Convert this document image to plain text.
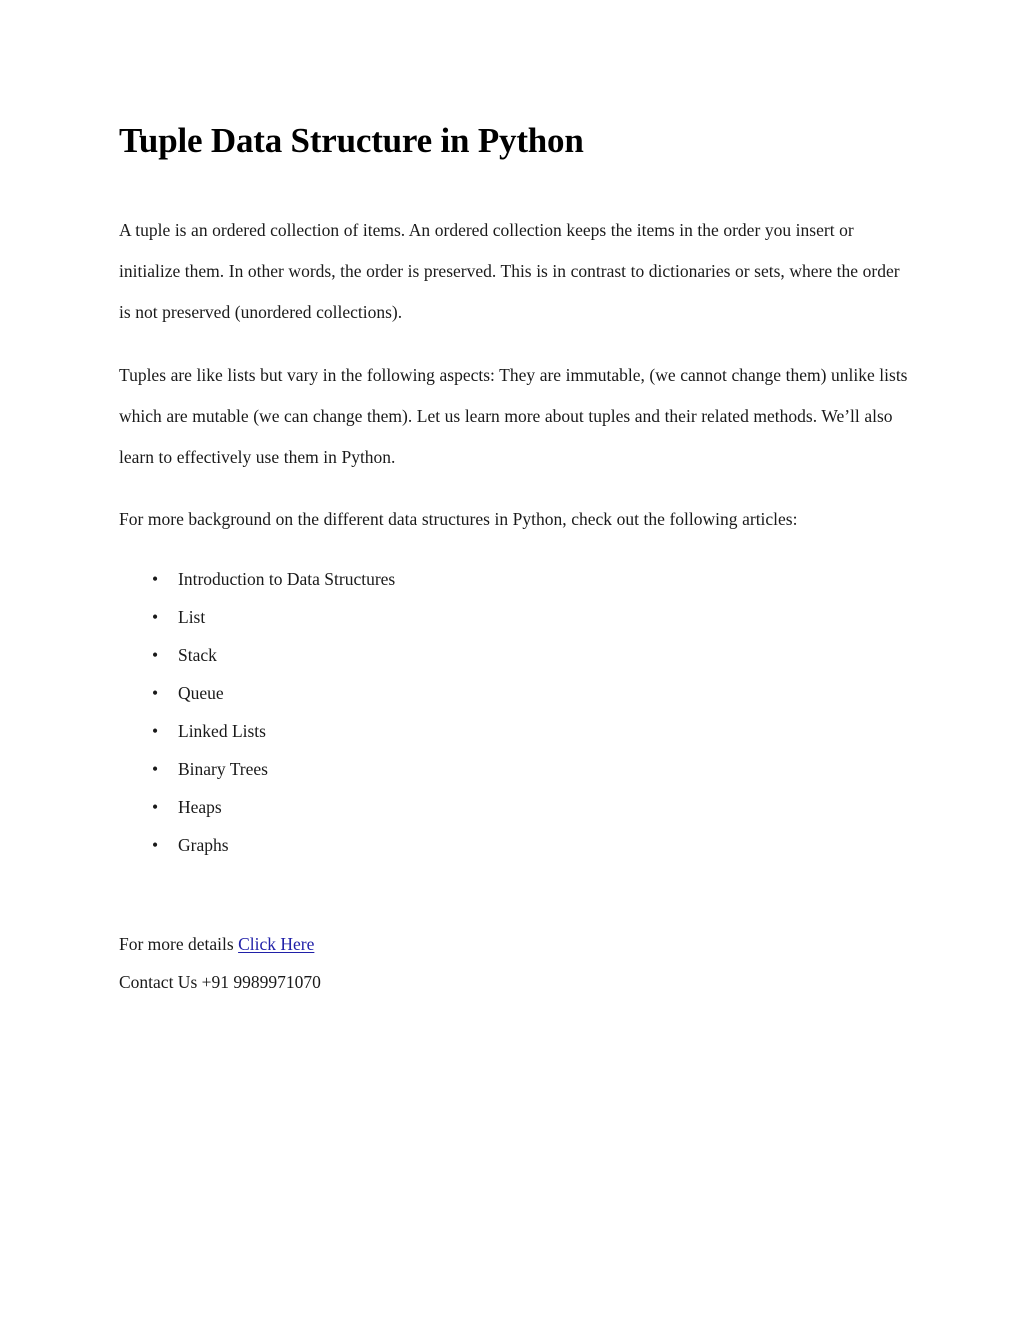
Tuple Data Structure in Python

A tuple is an ordered collection of items. An ordered collection keeps the items in the order you insert or initialize them. In other words, the order is preserved. This is in contrast to dictionaries or sets, where the order is not preserved (unordered collections).

Tuples are like lists but vary in the following aspects: They are immutable, (we cannot change them) unlike lists which are mutable (we can change them). Let us learn more about tuples and their related methods. We’ll also learn to effectively use them in Python.

For more background on the different data structures in Python, check out the following articles:

• Introduction to Data Structures
• List
• Stack
• Queue
• Linked Lists
• Binary Trees
• Heaps
• Graphs

For more details Click Here

Contact Us +91 9989971070
